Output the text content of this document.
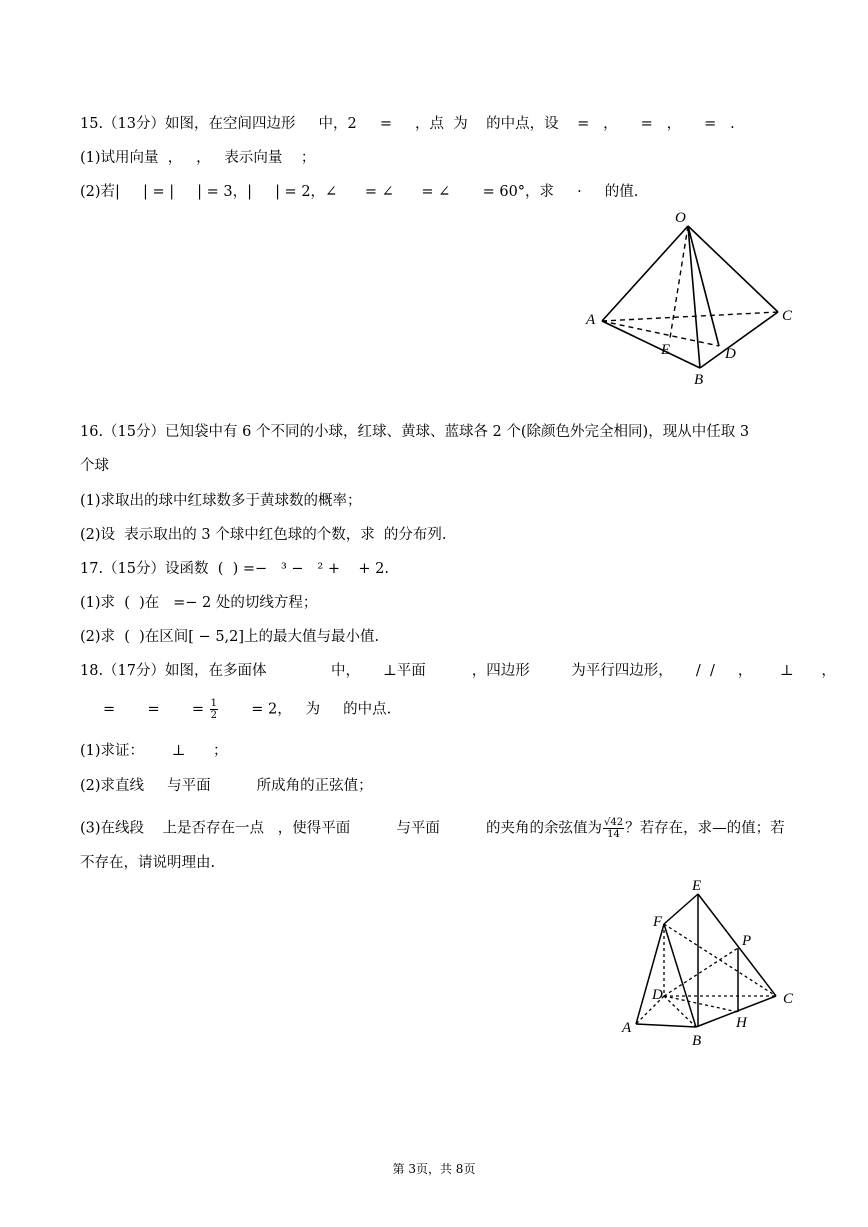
15.（13分）如图，在空间四边形     中，2     =     ，点  为    的中点，设    =   ，     =   ，     =   .
(1)试用向量  ，   ，   表示向量    ；
(2)若|     | = |     | = 3，|     | = 2，∠      = ∠      = ∠       = 60°，求     ·     的值.
O
A	C
E	D
B
16.（15分）已知袋中有 6 个不同的小球，红球、黄球、蓝球各 2 个(除颜色外完全相同)，现从中任取 3
个球
(1)求取出的球中红球数多于黄球数的概率；
(2)设  表示取出的 3 个球中红色球的个数，求  的分布列.
17.（15分）设函数  (  ) =−   ³ −   ² +    + 2.
(1)求  (  )在   =− 2 处的切线方程；
(2)求  (  )在区间[ − 5,2]上的最大值与最小值.
18.（17分）如图，在多面体              中，     ⊥平面          ，四边形         为平行四边形，     /  /     ，      ⊥      ，
=       =       = $\frac{1}{2} = 2$，   为     的中点.
(1)求证：      ⊥      ；
(2)求直线     与平面          所成角的正弦值；
(3)在线段    上是否存在一点   ，使得平面          与平面          的夹角的余弦值为 $\frac{√42}{14}$ ？若存在，求—的值；若
不存在，请说明理由.
E
F
P
D	C
A
B
H
第 3页，共 8页
